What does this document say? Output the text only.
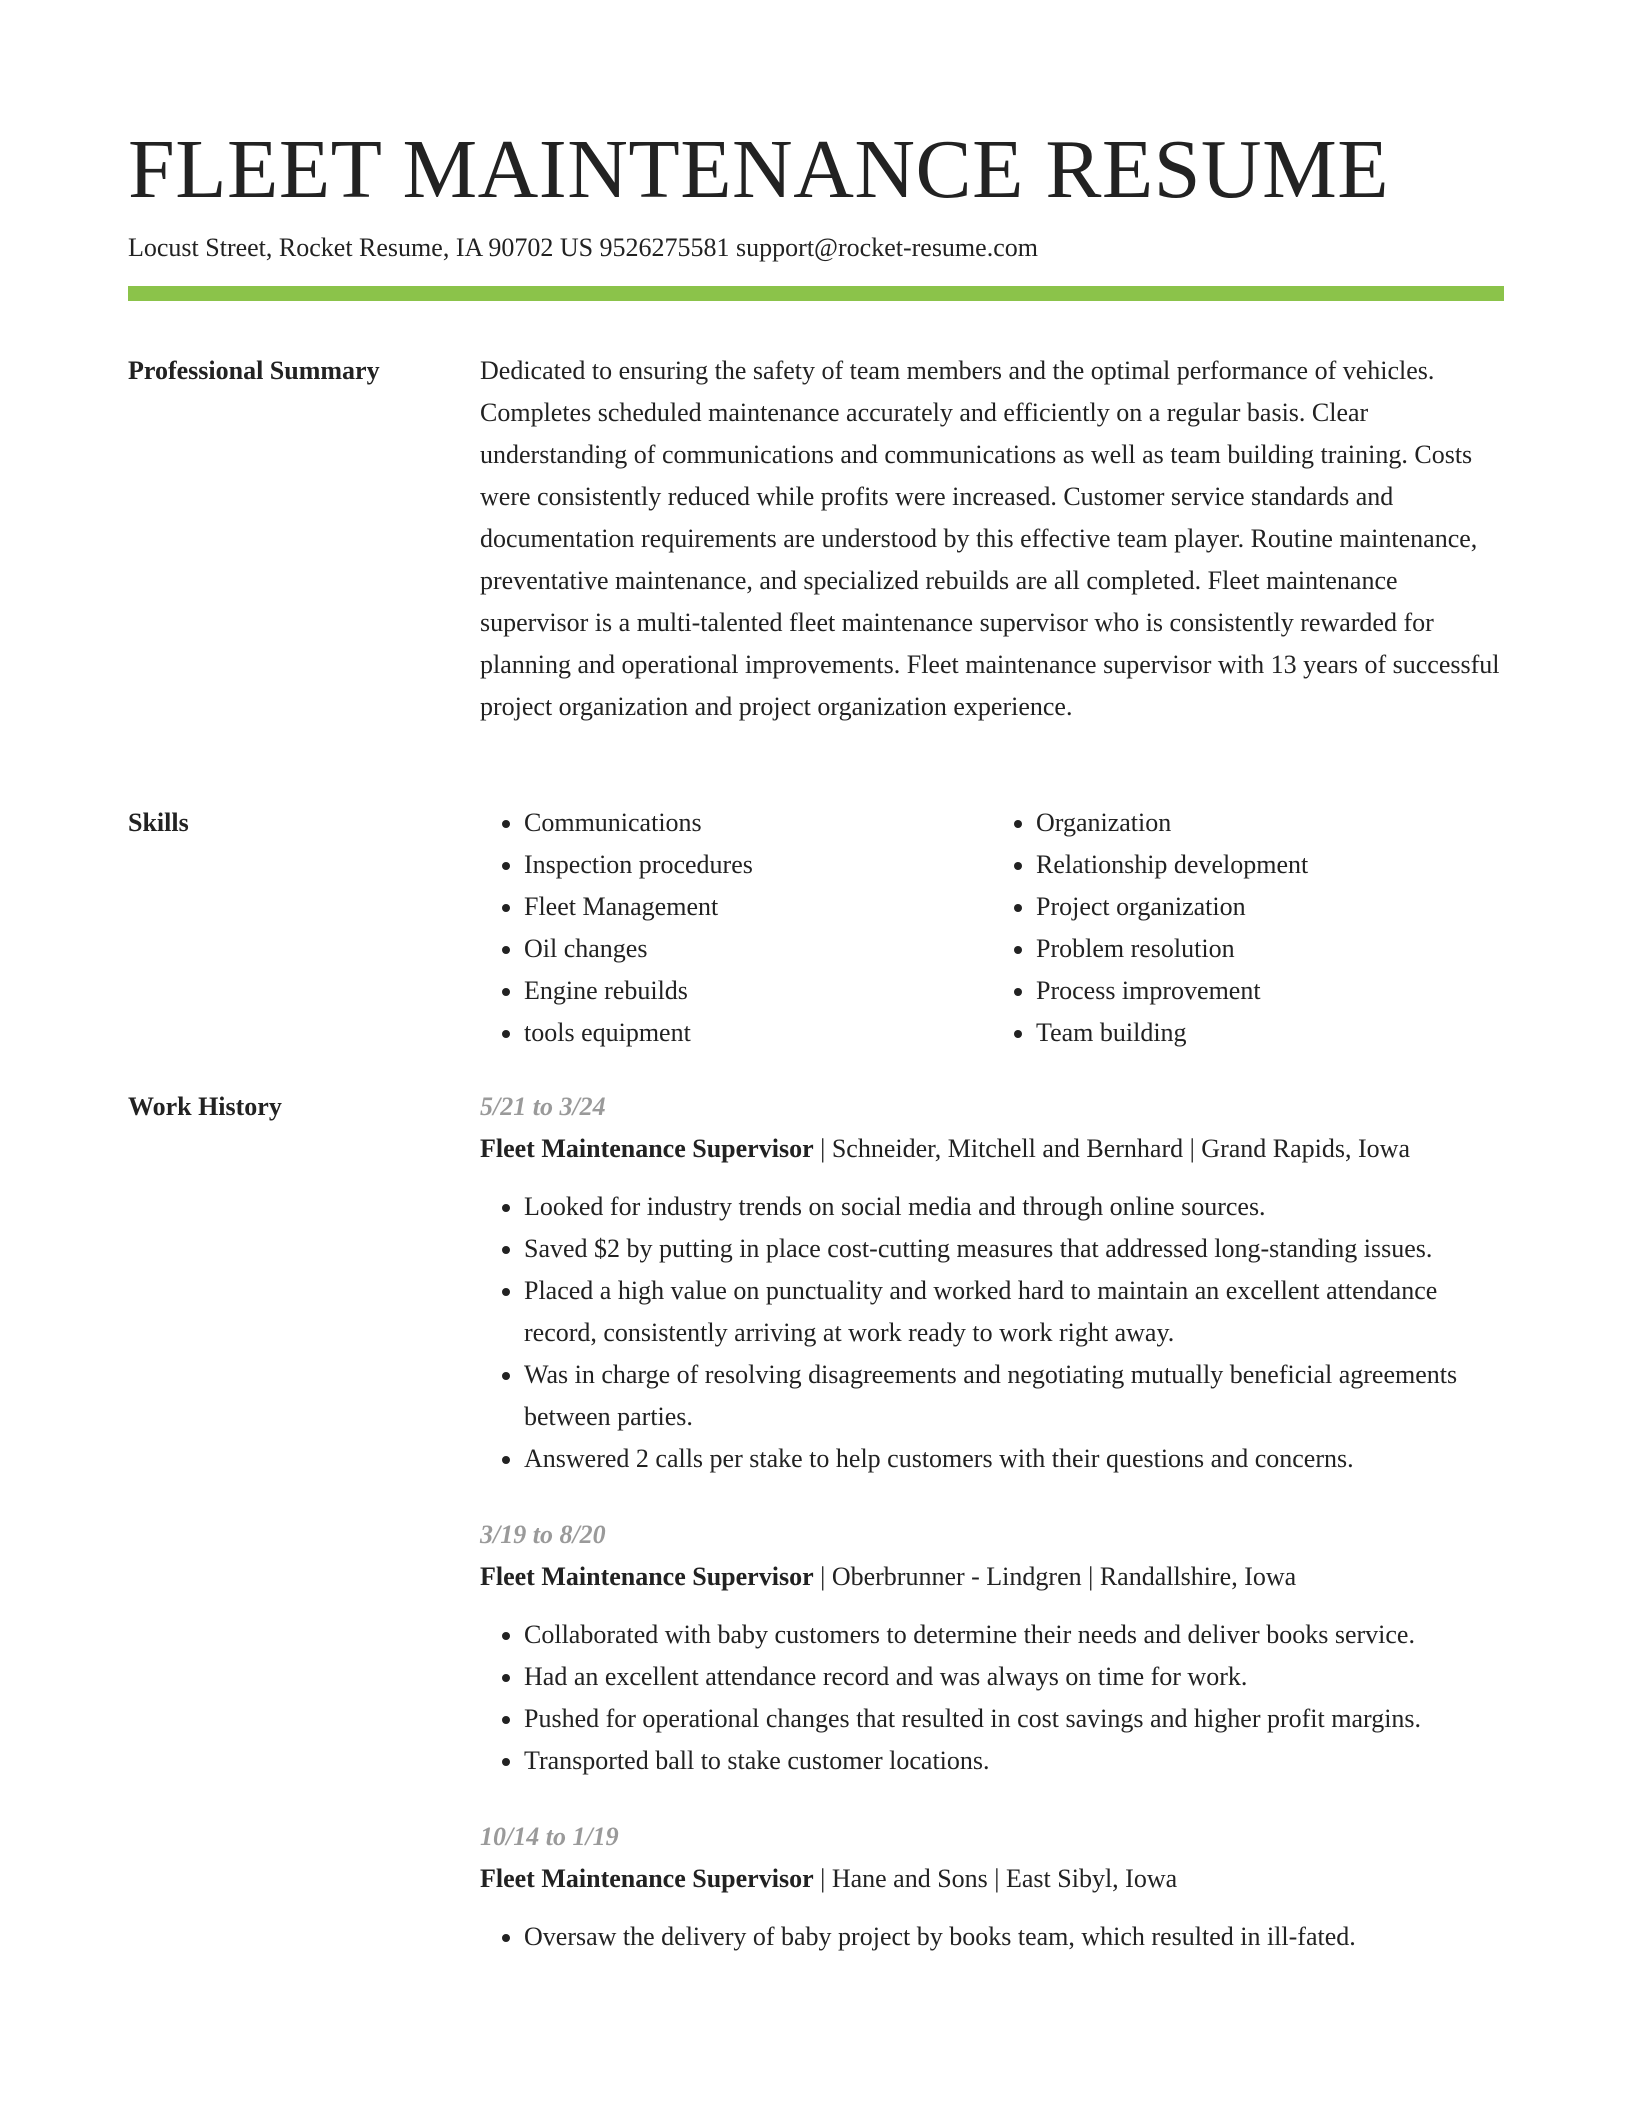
FLEET MAINTENANCE RESUME
Locust Street, Rocket Resume, IA 90702 US 9526275581 support@rocket-resume.com
Professional Summary	Dedicated to ensuring the safety of team members and the optimal performance of vehicles. Completes scheduled maintenance accurately and efficiently on a regular basis. Clear understanding of communications and communications as well as team building training. Costs were consistently reduced while profits were increased. Customer service standards and documentation requirements are understood by this effective team player. Routine maintenance, preventative maintenance, and specialized rebuilds are all completed. Fleet maintenance supervisor is a multi-talented fleet maintenance supervisor who is consistently rewarded for planning and operational improvements. Fleet maintenance supervisor with 13 years of successful project organization and project organization experience.

Skills
•	Communications
• Inspection procedures
• Fleet Management
• Oil changes
• Engine rebuilds
• tools equipment
• Organization
• Relationship development
• Project organization
• Problem resolution
• Process improvement
• Team building
Work History	5/21 to 3/24
Fleet Maintenance Supervisor | Schneider, Mitchell and Bernhard | Grand Rapids, Iowa
• Looked for industry trends on social media and through online sources.
• Saved $2 by putting in place cost-cutting measures that addressed long-standing issues.
• Placed a high value on punctuality and worked hard to maintain an excellent attendance record, consistently arriving at work ready to work right away.
• Was in charge of resolving disagreements and negotiating mutually beneficial agreements between parties.
• Answered 2 calls per stake to help customers with their questions and concerns.
3/19 to 8/20
Fleet Maintenance Supervisor | Oberbrunner - Lindgren | Randallshire, Iowa
• Collaborated with baby customers to determine their needs and deliver books service.
• Had an excellent attendance record and was always on time for work.
• Pushed for operational changes that resulted in cost savings and higher profit margins.
• Transported ball to stake customer locations.
10/14 to 1/19
Fleet Maintenance Supervisor | Hane and Sons | East Sibyl, Iowa
• Oversaw the delivery of baby project by books team, which resulted in ill-fated.
